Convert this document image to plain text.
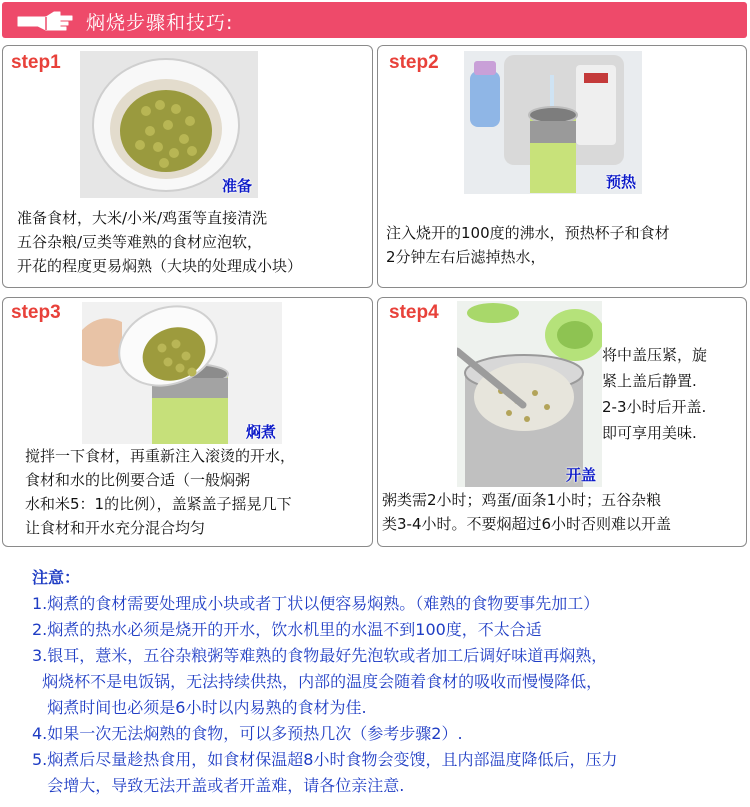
焖烧步骤和技巧:
step1
准备
准备食材，大米/小米/鸡蛋等直接清洗
五谷杂粮/豆类等难熟的食材应泡软，
开花的程度更易焖熟（大块的处理成小块）
step2
预热
注入烧开的100度的沸水，预热杯子和食材
2分钟左右后滤掉热水，
step3
焖煮
搅拌一下食材，再重新注入滚烫的开水，
食材和水的比例要合适（一般焖粥
水和米5：1的比例），盖紧盖子摇晃几下
让食材和开水充分混合均匀
step4
开盖
将中盖压紧，旋
紧上盖后静置.
2-3小时后开盖.
即可享用美味.
粥类需2小时；鸡蛋/面条1小时；五谷杂粮
类3-4小时。不要焖超过6小时否则难以开盖
注意：
1.焖煮的食材需要处理成小块或者丁状以便容易焖熟。（难熟的食物要事先加工）
2.焖煮的热水必须是烧开的开水，饮水机里的水温不到100度，不太合适
3.银耳，薏米，五谷杂粮粥等难熟的食物最好先泡软或者加工后调好味道再焖熟，
焖烧杯不是电饭锅，无法持续供热，内部的温度会随着食材的吸收而慢慢降低，
焖煮时间也必须是6小时以内易熟的食材为佳.
4.如果一次无法焖熟的食物，可以多预热几次（参考步骤2）.
5.焖煮后尽量趁热食用，如食材保温超8小时食物会变馊，且内部温度降低后，压力
会增大，导致无法开盖或者开盖难，请各位亲注意.
